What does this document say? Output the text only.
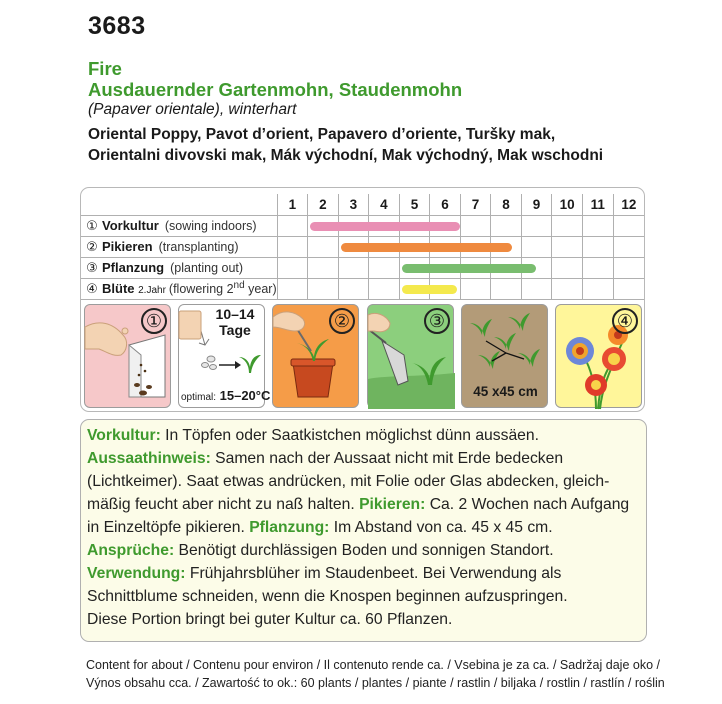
3683
Fire
Ausdauernder Gartenmohn, Staudenmohn
(Papaver orientale), winterhart
Oriental Poppy, Pavot d’orient, Papavero d’oriente, Turšky mak,
Orientalni divovski mak, Mák východní, Mak východný, Mak wschodni
	1	2	3	4	5	6	7	8	9	10	11	12
① Vorkultur (sowing indoors)												
② Pikieren (transplanting)												
③ Pflanzung (planting out)												
④ Blüte 2.Jahr (flowering 2nd year)												
①	10–14
Tage
optimal: 15–20°C
②	③
45 x45 cm
④

Vorkultur: In Töpfen oder Saatkistchen möglichst dünn aussäen.

Aussaathinweis: Samen nach der Aussaat nicht mit Erde bedecken (Lichtkeimer). Saat etwas andrücken, mit Folie oder Glas abdecken, gleichmäßig feucht aber nicht zu naß halten. Pikieren: Ca. 2 Wochen nach Aufgang in Einzeltöpfe pikieren. Pflanzung: Im Abstand von ca. 45 x 45 cm.

Ansprüche: Benötigt durchlässigen Boden und sonnigen Standort.

Verwendung: Frühjahrsblüher im Staudenbeet. Bei Verwendung als Schnittblume schneiden, wenn die Knospen beginnen aufzuspringen.

Diese Portion bringt bei guter Kultur ca. 60 Pflanzen.

Content for about / Contenu pour environ / Il contenuto rende ca. / Vsebina je za ca. / Sadržaj daje oko /
Výnos obsahu cca. / Zawartość to ok.: 60 plants / plantes / piante / rastlin / biljaka / rostlin / rastlín / roślin
